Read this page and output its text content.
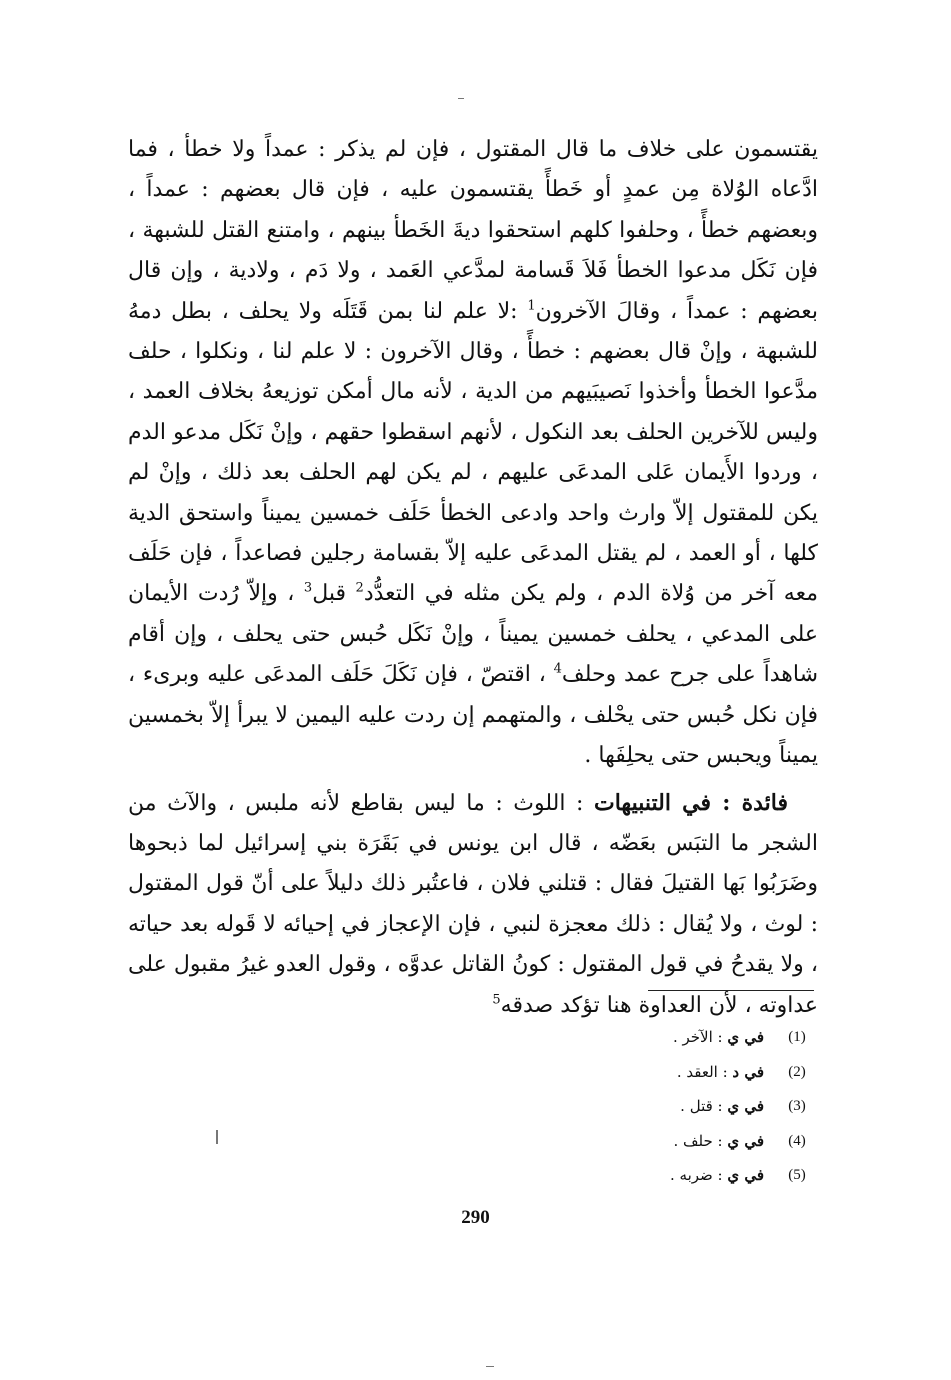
يقتسمون على خلاف ما قال المقتول ، فإن لم يذكر : عمداً ولا خطأ ، فما ادَّعاه الوُلاة مِن عمدٍ أو خَطأً يقتسمون عليه ، فإن قال بعضهم : عمداً ، وبعضهم خطأً ، وحلفوا كلهم استحقوا ديةَ الخَطأ بينهم ، وامتنع القتل للشبهة ، فإن نَكَل مدعوا الخطأ فَلاَ قَسامة لمدَّعي العَمد ، ولا دَم ، ولادية ، وإن قال بعضهم : عمداً ، وقالَ الآخرون$^1$ :لا علم لنا بمن قَتَلَه ولا يحلف ، بطل دمهُ للشبهة ، وإنْ قال بعضهم : خطأً ، وقال الآخرون : لا علم لنا ، ونكلوا ، حلف مدَّعوا الخطأ وأخذوا نَصيبَيهم من الدية ، لأنه مال أمكن توزيعهُ بخلاف العمد ، وليس للآخرين الحلف بعد النكول ، لأنهم اسقطوا حقهم ، وإنْ نَكَل مدعو الدم ، وردوا الأَيمان عَلى المدعَى عليهم ، لم يكن لهم الحلف بعد ذلك ، وإنْ لم يكن للمقتول إلاّ وارث واحد وادعى الخطأ حَلَف خمسين يميناً واستحق الدية كلها ، أو العمد ، لم يقتل المدعَى عليه إلاّ بقسامة رجلين فصاعداً ، فإن حَلَف معه آخر من وُلاة الدم ، ولم يكن مثله في التعدُّد$^2$ قبل$^3$ ، وإلاّ رُدت الأيمان على المدعي ، يحلف خمسين يميناً ، وإنْ نَكَل حُبس حتى يحلف ، وإن أقام شاهداً على جرح عمد وحلف$^4$ ، اقتصّ ، فإن نَكَلَ حَلَف المدعَى عليه وبرىء ، فإن نكل حُبس حتى يحْلف ، والمتهمم إن ردت عليه اليمين لا يبرأ إلاّ بخمسين يميناً ويحبس حتى يحلِفَها .

فائدة : في التنبيهات : اللوث : ما ليس بقاطع لأنه ملبس ، والآث من الشجر ما التبَس بعَضّه ، قال ابن يونس في بَقَرَة بني إسرائيل لما ذبحوها وضَرَبُوا بَها القتيلَ فقال : قتلني فلان ، فاعتُبر ذلك دليلاً على أنّ قول المقتول : لوث ، ولا يُقال : ذلك معجزة لنبي ، فإن الإعجاز في إحيائه لا قَوله بعد حياته ، ولا يقدحُ في قول المقتول : كونُ القاتل عدوَّه ، وقول العدو غيرُ مقبول على عداوته ، لأن العداوة هنا تؤكد صدقه$^5$

(1)
في ي : الآخر .
(2)
في د : العقد .
(3)
في ي : قتل .
(4)
في ي : حلف .
(5)
في ي : ضربه .
290
